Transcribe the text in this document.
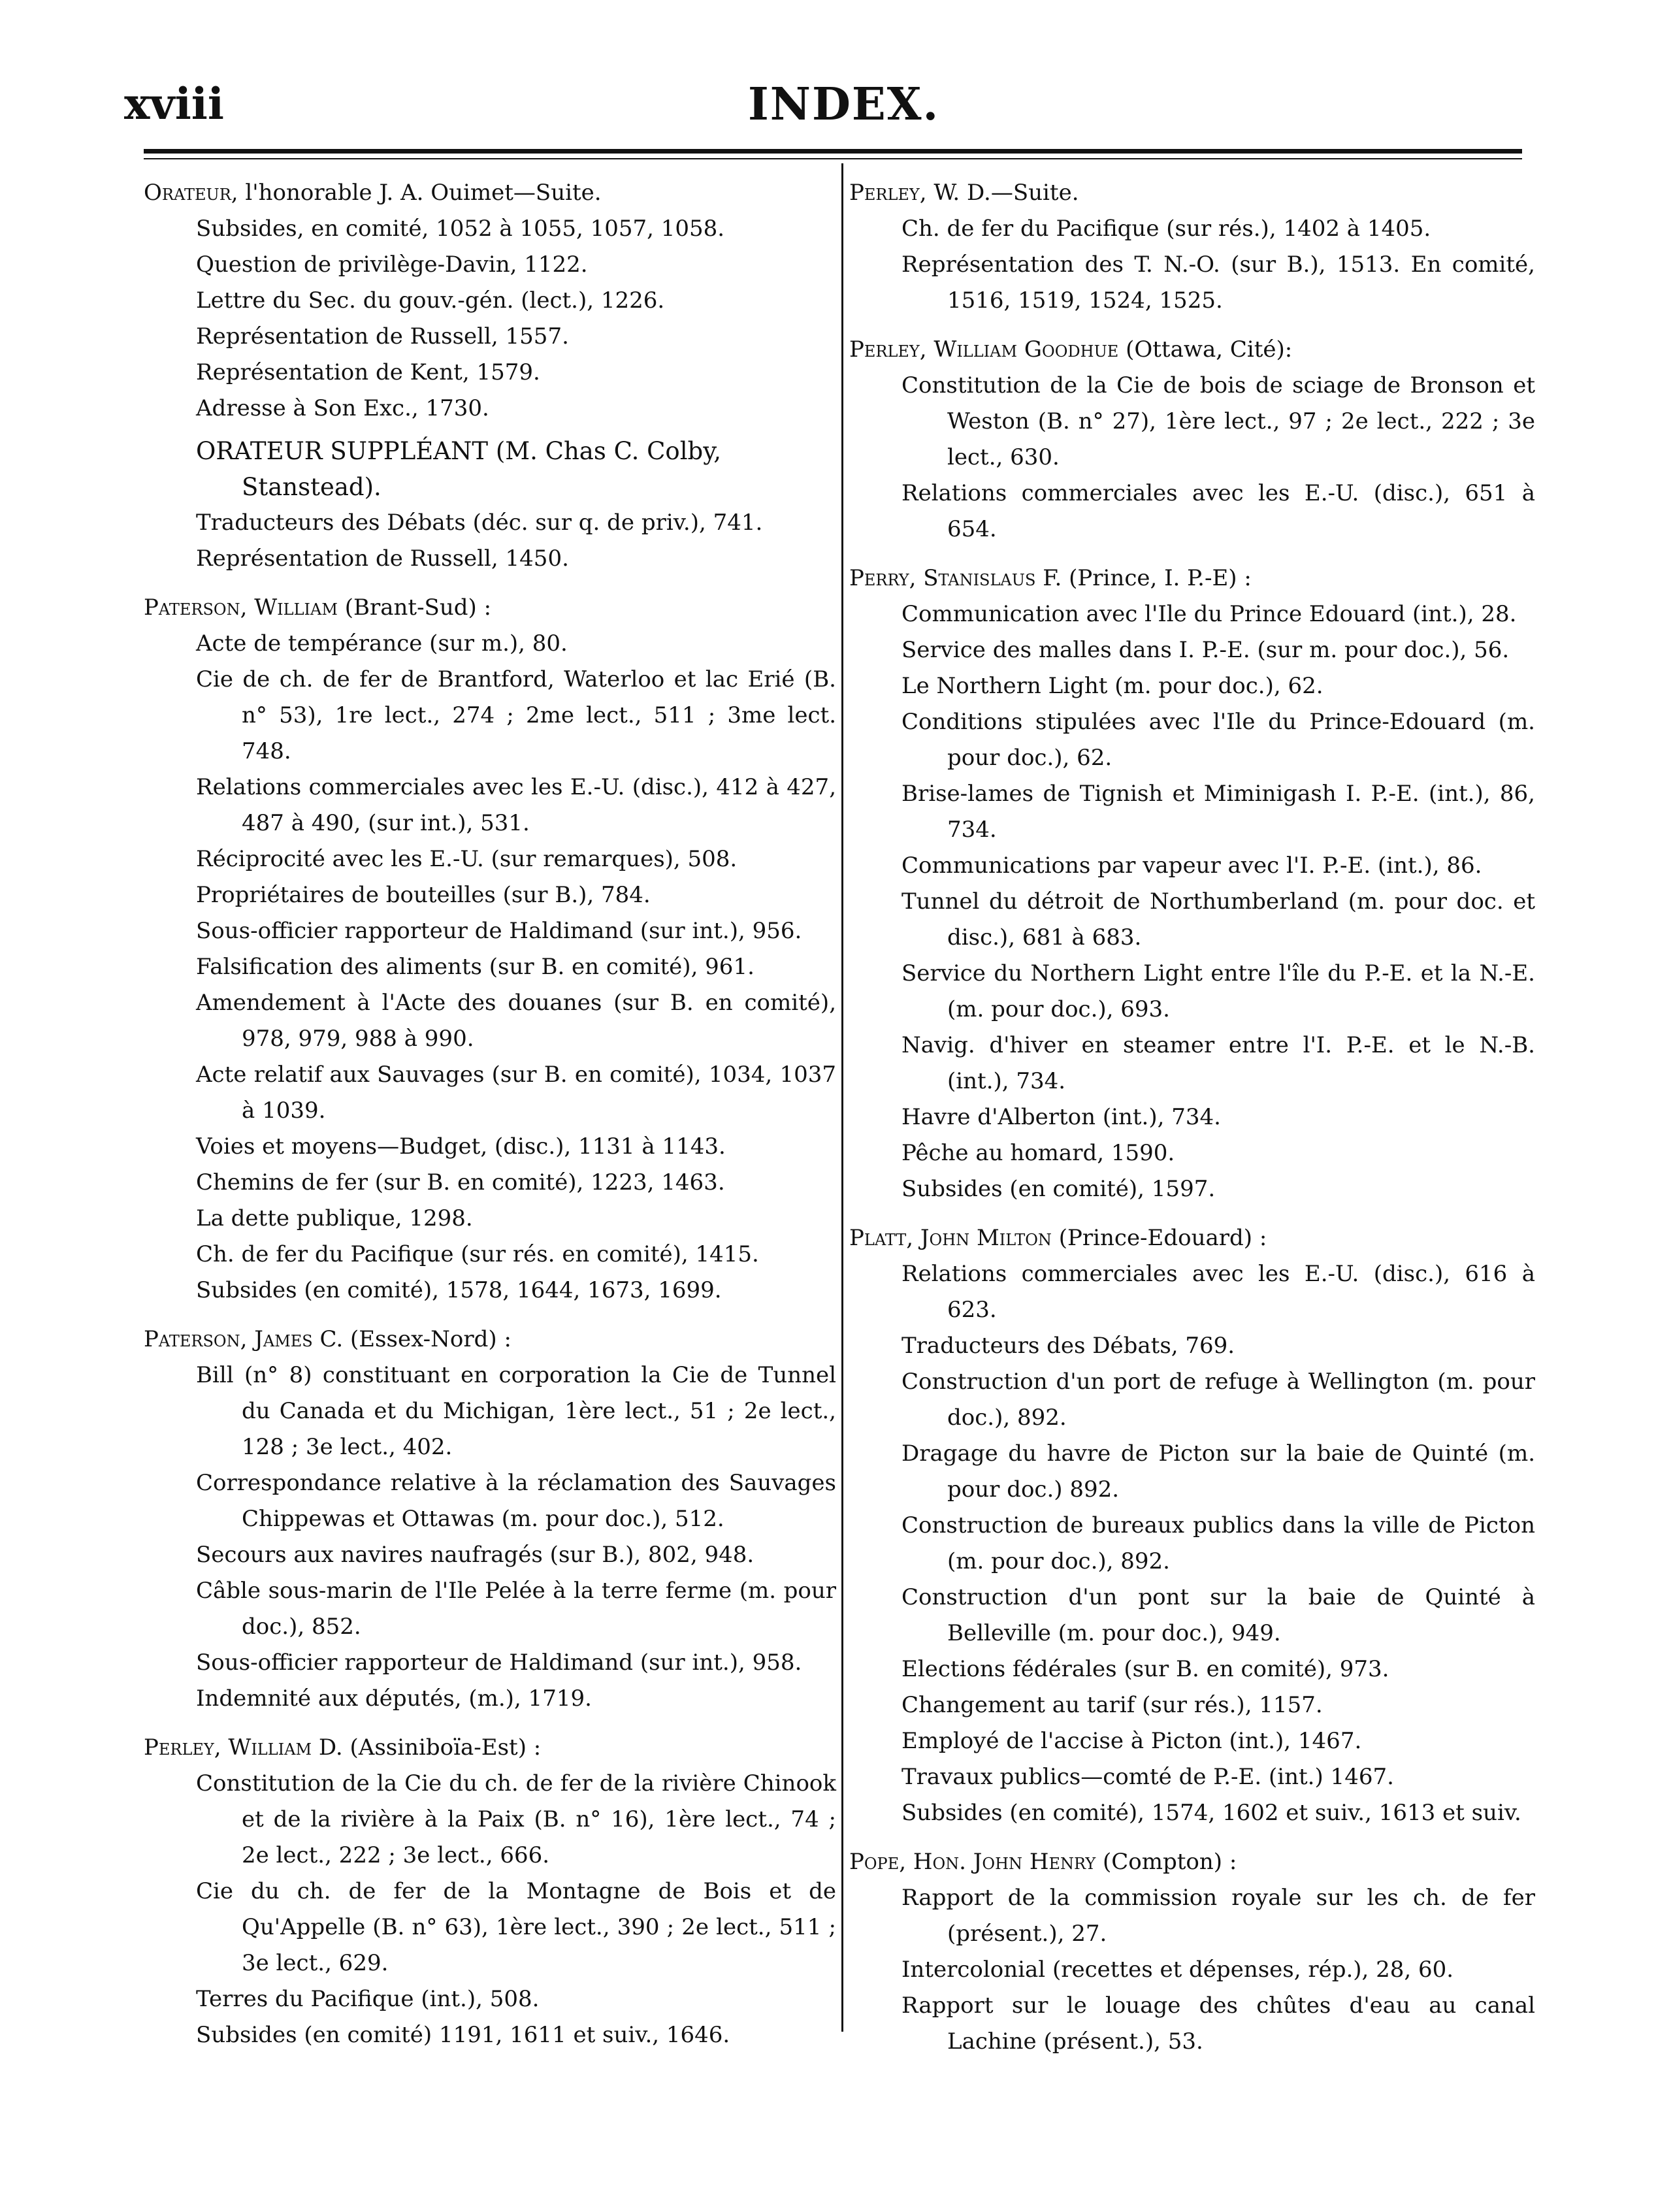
xviii	INDEX.
Orateur, l'honorable J. A. Ouimet—Suite.
Subsides, en comité, 1052 à 1055, 1057, 1058.
Question de privilège-Davin, 1122.
Lettre du Sec. du gouv.-gén. (lect.), 1226.
Représentation de Russell, 1557.
Représentation de Kent, 1579.
Adresse à Son Exc., 1730.
ORATEUR SUPPLÉANT (M. Chas C. Colby, Stanstead).
Traducteurs des Débats (déc. sur q. de priv.), 741.
Représentation de Russell, 1450.
Paterson, William (Brant-Sud) :
Acte de tempérance (sur m.), 80.
Cie de ch. de fer de Brantford, Waterloo et lac Erié (B. n° 53), 1re lect., 274 ; 2me lect., 511 ; 3me lect. 748.
Relations commerciales avec les E.-U. (disc.), 412 à 427, 487 à 490, (sur int.), 531.
Réciprocité avec les E.-U. (sur remarques), 508.
Propriétaires de bouteilles (sur B.), 784.
Sous-officier rapporteur de Haldimand (sur int.), 956.
Falsification des aliments (sur B. en comité), 961.
Amendement à l'Acte des douanes (sur B. en comité), 978, 979, 988 à 990.
Acte relatif aux Sauvages (sur B. en comité), 1034, 1037 à 1039.
Voies et moyens—Budget, (disc.), 1131 à 1143.
Chemins de fer (sur B. en comité), 1223, 1463.
La dette publique, 1298.
Ch. de fer du Pacifique (sur rés. en comité), 1415.
Subsides (en comité), 1578, 1644, 1673, 1699.
Paterson, James C. (Essex-Nord) :
Bill (n° 8) constituant en corporation la Cie de Tunnel du Canada et du Michigan, 1ère lect., 51 ; 2e lect., 128 ; 3e lect., 402.
Correspondance relative à la réclamation des Sauvages Chippewas et Ottawas (m. pour doc.), 512.
Secours aux navires naufragés (sur B.), 802, 948.
Câble sous-marin de l'Ile Pelée à la terre ferme (m. pour doc.), 852.
Sous-officier rapporteur de Haldimand (sur int.), 958.
Indemnité aux députés, (m.), 1719.
Perley, William D. (Assiniboïa-Est) :
Constitution de la Cie du ch. de fer de la rivière Chinook et de la rivière à la Paix (B. n° 16), 1ère lect., 74 ; 2e lect., 222 ; 3e lect., 666.
Cie du ch. de fer de la Montagne de Bois et de Qu'Appelle (B. n° 63), 1ère lect., 390 ; 2e lect., 511 ; 3e lect., 629.
Terres du Pacifique (int.), 508.
Subsides (en comité) 1191, 1611 et suiv., 1646.
Perley, W. D.—Suite.
Ch. de fer du Pacifique (sur rés.), 1402 à 1405.
Représentation des T. N.-O. (sur B.), 1513. En comité, 1516, 1519, 1524, 1525.
Perley, William Goodhue (Ottawa, Cité):
Constitution de la Cie de bois de sciage de Bronson et Weston (B. n° 27), 1ère lect., 97 ; 2e lect., 222 ; 3e lect., 630.
Relations commerciales avec les E.-U. (disc.), 651 à 654.
Perry, Stanislaus F. (Prince, I. P.-E) :
Communication avec l'Ile du Prince Edouard (int.), 28.
Service des malles dans I. P.-E. (sur m. pour doc.), 56.
Le Northern Light (m. pour doc.), 62.
Conditions stipulées avec l'Ile du Prince-Edouard (m. pour doc.), 62.
Brise-lames de Tignish et Miminigash I. P.-E. (int.), 86, 734.
Communications par vapeur avec l'I. P.-E. (int.), 86.
Tunnel du détroit de Northumberland (m. pour doc. et disc.), 681 à 683.
Service du Northern Light entre l'île du P.-E. et la N.-E. (m. pour doc.), 693.
Navig. d'hiver en steamer entre l'I. P.-E. et le N.-B. (int.), 734.
Havre d'Alberton (int.), 734.
Pêche au homard, 1590.
Subsides (en comité), 1597.
Platt, John Milton (Prince-Edouard) :
Relations commerciales avec les E.-U. (disc.), 616 à 623.
Traducteurs des Débats, 769.
Construction d'un port de refuge à Wellington (m. pour doc.), 892.
Dragage du havre de Picton sur la baie de Quinté (m. pour doc.) 892.
Construction de bureaux publics dans la ville de Picton (m. pour doc.), 892.
Construction d'un pont sur la baie de Quinté à Belleville (m. pour doc.), 949.
Elections fédérales (sur B. en comité), 973.
Changement au tarif (sur rés.), 1157.
Employé de l'accise à Picton (int.), 1467.
Travaux publics—comté de P.-E. (int.) 1467.
Subsides (en comité), 1574, 1602 et suiv., 1613 et suiv.
Pope, Hon. John Henry (Compton) :
Rapport de la commission royale sur les ch. de fer (présent.), 27.
Intercolonial (recettes et dépenses, rép.), 28, 60.
Rapport sur le louage des chûtes d'eau au canal Lachine (présent.), 53.
